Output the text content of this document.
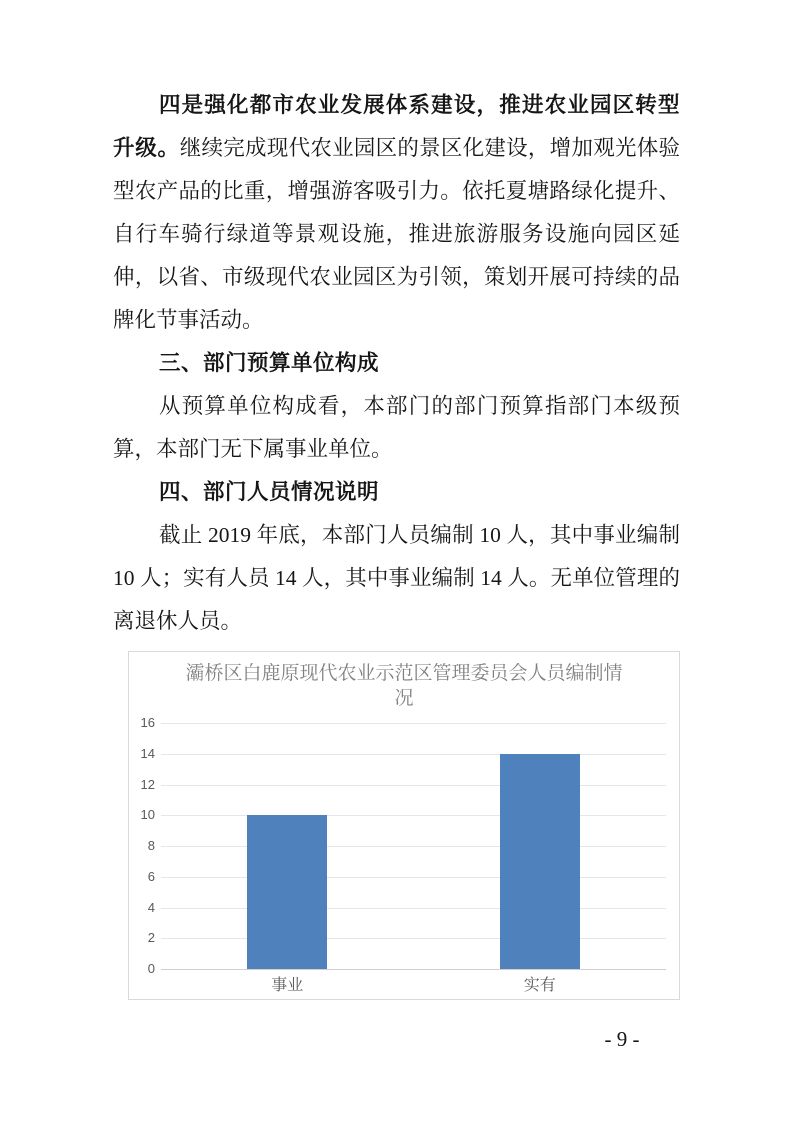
四是强化都市农业发展体系建设，推进农业园区转型升级。继续完成现代农业园区的景区化建设，增加观光体验型农产品的比重，增强游客吸引力。依托夏塘路绿化提升、自行车骑行绿道等景观设施，推进旅游服务设施向园区延伸，以省、市级现代农业园区为引领，策划开展可持续的品牌化节事活动。

三、部门预算单位构成

从预算单位构成看，本部门的部门预算指部门本级预算，本部门无下属事业单位。

四、部门人员情况说明

截止 2019 年底，本部门人员编制 10 人，其中事业编制 10 人；实有人员 14 人，其中事业编制 14 人。无单位管理的离退休人员。

灞桥区白鹿原现代农业示范区管理委员会人员编制情况
0
2
4
6
8
10
12
14
16
事业	实有
- 9 -
